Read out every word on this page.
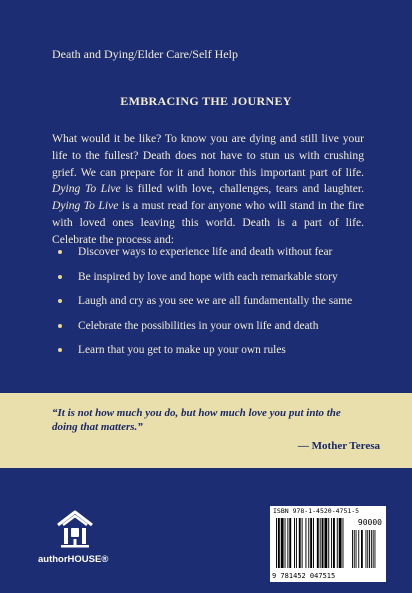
Death and Dying/Elder Care/Self Help
EMBRACING THE JOURNEY

What would it be like? To know you are dying and still live your life to the fullest? Death does not have to stun us with crushing grief. We can prepare for it and honor this important part of life. Dying To Live is filled with love, challenges, tears and laughter. Dying To Live is a must read for anyone who will stand in the fire with loved ones leaving this world. Death is a part of life. Celebrate the process and:

Discover ways to experience life and death without fear
Be inspired by love and hope with each remarkable story
Laugh and cry as you see we are all fundamentally the same
Celebrate the possibilities in your own life and death
Learn that you get to make up your own rules

“It is not how much you do, but how much love you put into the doing that matters.”

— Mother Teresa
authorHOUSE®
ISBN 978-1-4520-4751-5
90000
9 781452 047515
